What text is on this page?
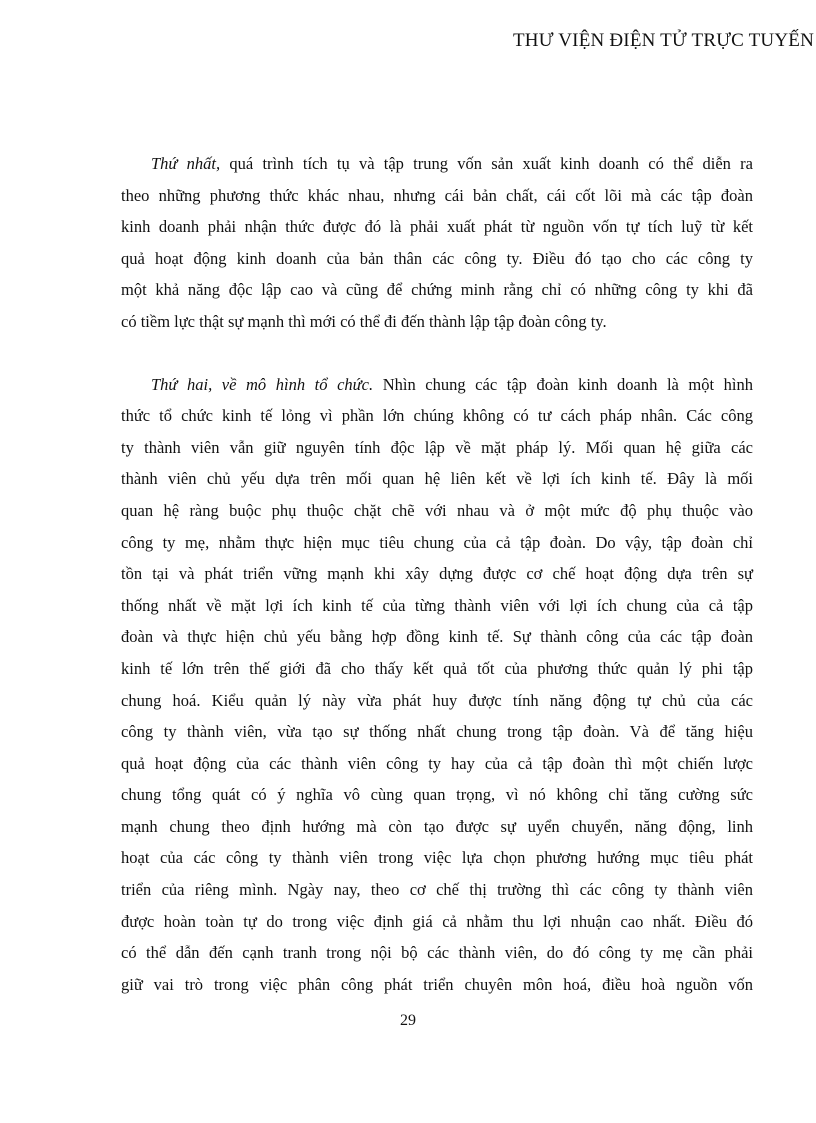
THƯ VIỆN ĐIỆN TỬ TRỰC TUYẾN
Thứ nhất, quá trình tích tụ và tập trung vốn sản xuất kinh doanh có thể diễn ra
theo những phương thức khác nhau, nhưng cái bản chất, cái cốt lõi mà các tập đoàn
kinh doanh phải nhận thức được đó là phải xuất phát từ nguồn vốn tự tích luỹ từ kết
quả hoạt động kinh doanh của bản thân các công ty. Điều đó tạo cho các công ty
một khả năng độc lập cao và cũng để chứng minh rằng chỉ có những công ty khi đã
có tiềm lực thật sự mạnh thì mới có thể đi đến thành lập tập đoàn công ty.
Thứ hai, về mô hình tổ chức. Nhìn chung các tập đoàn kinh doanh là một hình
thức tổ chức kinh tế lỏng vì phần lớn chúng không có tư cách pháp nhân. Các công
ty thành viên vẫn giữ nguyên tính độc lập về mặt pháp lý. Mối quan hệ giữa các
thành viên chủ yếu dựa trên mối quan hệ liên kết về lợi ích kinh tế. Đây là mối
quan hệ ràng buộc phụ thuộc chặt chẽ với nhau và ở một mức độ phụ thuộc vào
công ty mẹ, nhằm thực hiện mục tiêu chung của cả tập đoàn. Do vậy, tập đoàn chỉ
tồn tại và phát triển vững mạnh khi xây dựng được cơ chế hoạt động dựa trên sự
thống nhất về mặt lợi ích kinh tế của từng thành viên với lợi ích chung của cả tập
đoàn và thực hiện chủ yếu bằng hợp đồng kinh tế. Sự thành công của các tập đoàn
kinh tế lớn trên thế giới đã cho thấy kết quả tốt của phương thức quản lý phi tập
chung hoá. Kiểu quản lý này vừa phát huy được tính năng động tự chủ của các
công ty thành viên, vừa tạo sự thống nhất chung trong tập đoàn. Và để tăng hiệu
quả hoạt động của các thành viên công ty hay của cả tập đoàn thì một chiến lược
chung tổng quát có ý nghĩa vô cùng quan trọng, vì nó không chỉ tăng cường sức
mạnh chung theo định hướng mà còn tạo được sự uyển chuyển, năng động, linh
hoạt của các công ty thành viên trong việc lựa chọn phương hướng mục tiêu phát
triển của riêng mình. Ngày nay, theo cơ chế thị trường thì các công ty thành viên
được hoàn toàn tự do trong việc định giá cả nhằm thu lợi nhuận cao nhất. Điều đó
có thể dẫn đến cạnh tranh trong nội bộ các thành viên, do đó công ty mẹ cần phải
giữ vai trò trong việc phân công phát triển chuyên môn hoá, điều hoà nguồn vốn
29
